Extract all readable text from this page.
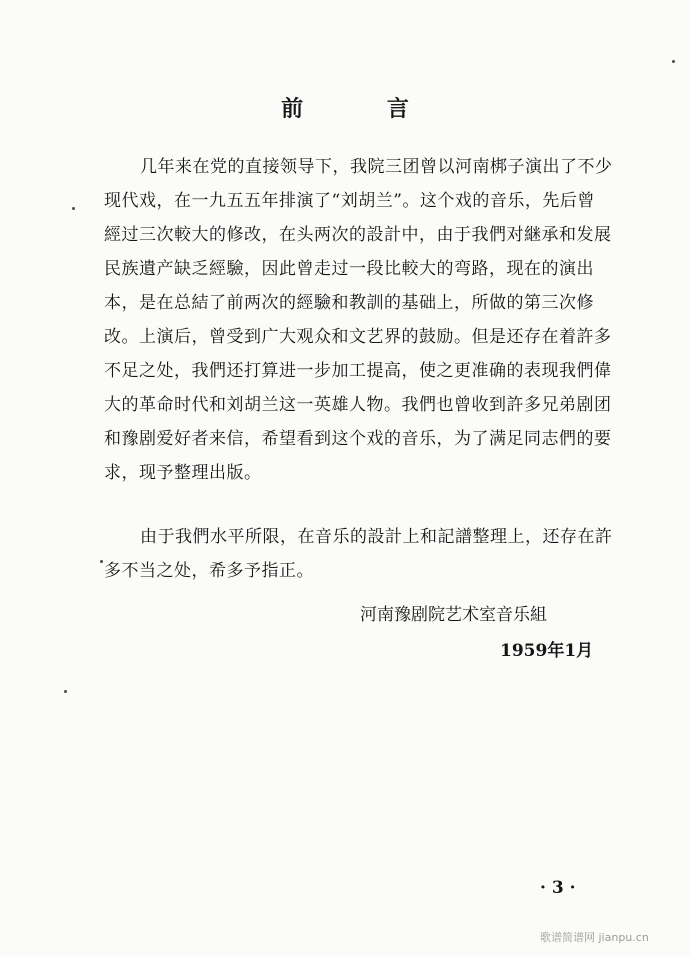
前 言
几年来在党的直接领导下，我院三团曾以河南梆子演出了不少
现代戏，在一九五五年排演了“刘胡兰”。这个戏的音乐，先后曾
經过三次較大的修改，在头两次的設計中，由于我們对継承和发展
民族遺产缺乏經驗，因此曾走过一段比較大的弯路，现在的演出
本，是在总結了前两次的經驗和教訓的基础上，所做的第三次修
改。上演后，曾受到广大观众和文艺界的鼓励。但是还存在着許多
不足之处，我們还打算进一步加工提高，使之更准确的表现我們偉
大的革命时代和刘胡兰这一英雄人物。我們也曾收到許多兄弟剧团
和豫剧爱好者来信，希望看到这个戏的音乐，为了满足同志們的要
求，现予整理出版。
由于我們水平所限，在音乐的設計上和記譜整理上，还存在許
多不当之处，希多予指正。

河南豫剧院艺术室音乐組

1959年1月

· 3 ·

歌谱简谱网 jianpu.cn
